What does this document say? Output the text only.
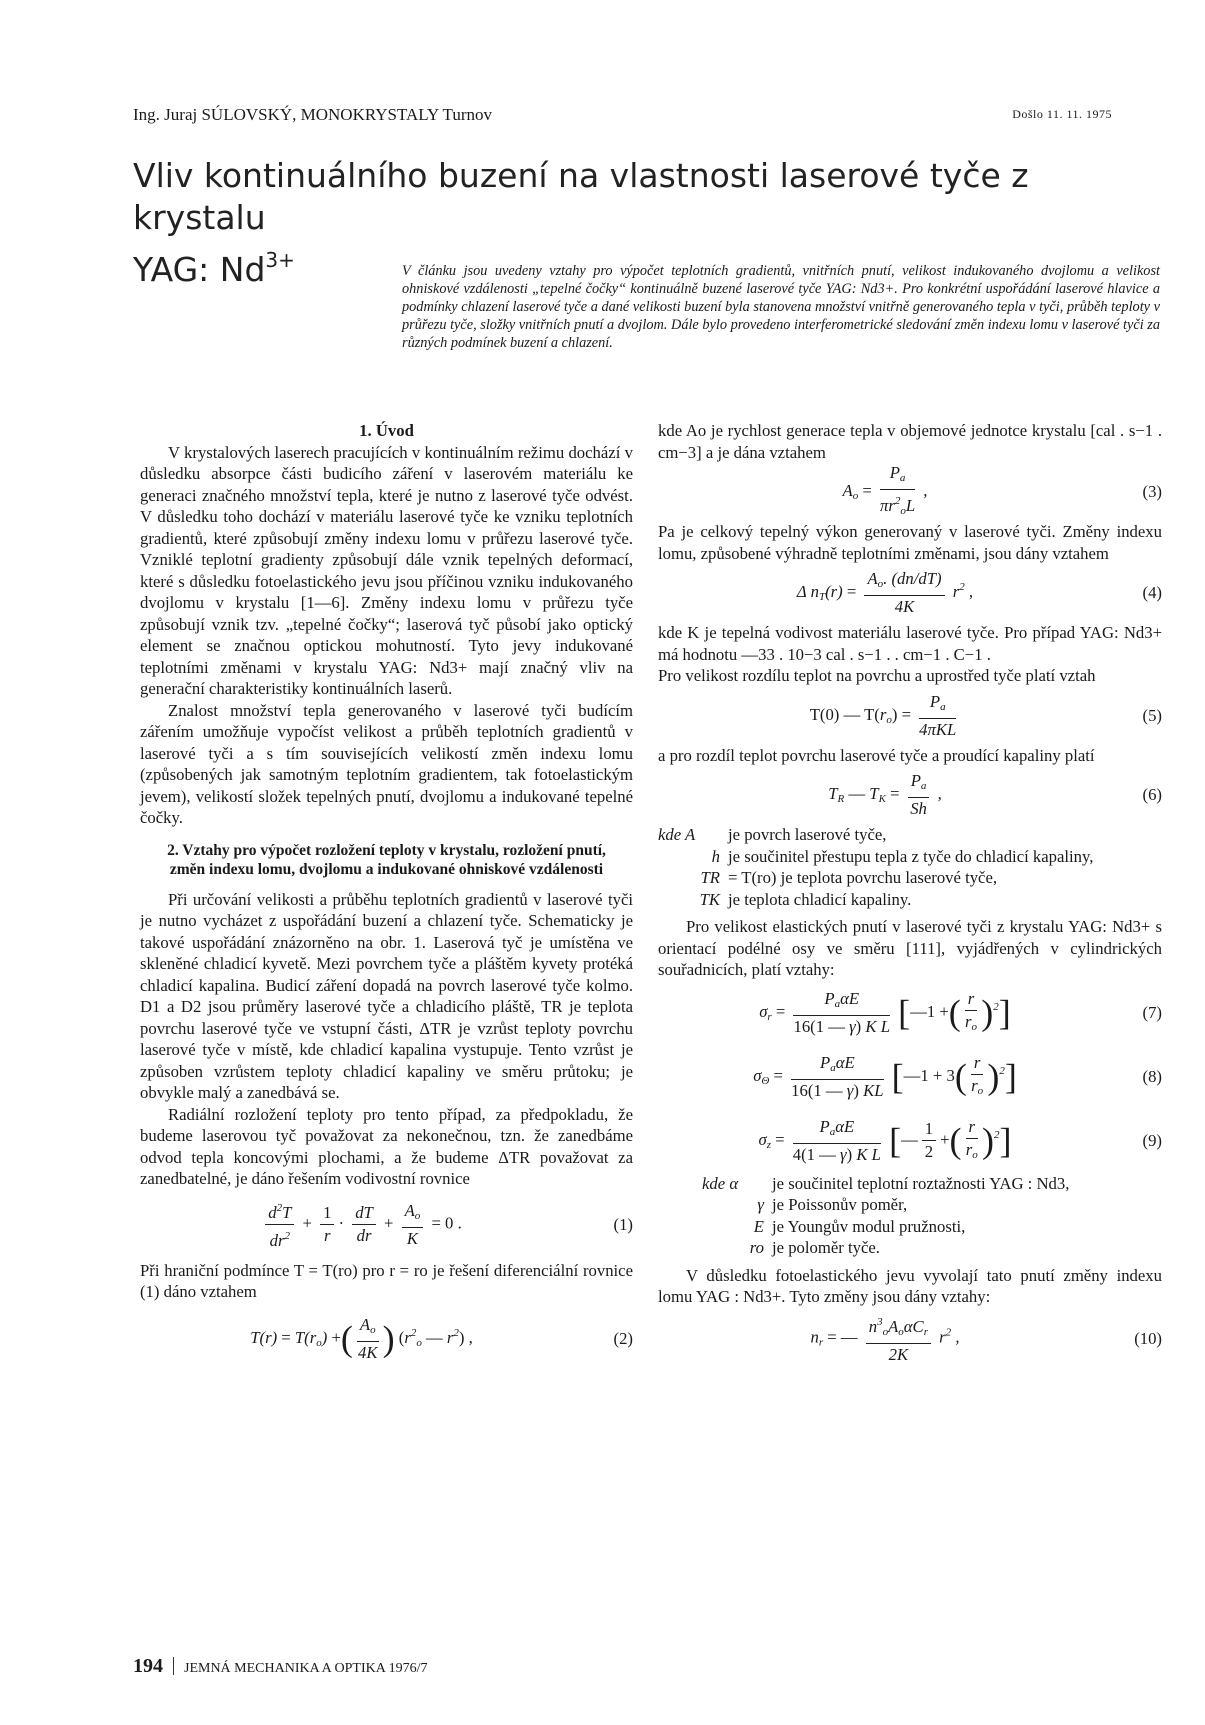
Ing. Juraj SÚLOVSKÝ, MONOKRYSTALY Turnov	Došlo 11. 11. 1975
Vliv kontinuálního buzení na vlastnosti laserové tyče z krystalu
YAG: $Nd^{3+}$	V článku jsou uvedeny vztahy pro výpočet teplotních gradientů, vnitřních pnutí, velikost indukovaného dvojlomu a velikost ohniskové vzdálenosti „tepelné čočky“ kontinuálně buzené laserové tyče YAG: Nd3+. Pro konkrétní uspořádání laserové hlavice a podmínky chlazení laserové tyče a dané velikosti buzení byla stanovena množství vnitřně generovaného tepla v tyči, průběh teploty v průřezu tyče, složky vnitřních pnutí a dvojlom. Dále bylo provedeno interferometrické sledování změn indexu lomu v laserové tyči za různých podmínek buzení a chlazení.

1. Úvod

V krystalových laserech pracujících v kontinuálním režimu dochází v důsledku absorpce části budicího záření v laserovém materiálu ke generaci značného množství tepla, které je nutno z laserové tyče odvést. V důsledku toho dochází v materiálu laserové tyče ke vzniku teplotních gradientů, které způsobují změny indexu lomu v průřezu laserové tyče. Vzniklé teplotní gradienty způsobují dále vznik tepelných deformací, které s důsledku fotoelastického jevu jsou příčinou vzniku indukovaného dvojlomu v krystalu [1—6]. Změny indexu lomu v průřezu tyče způsobují vznik tzv. „tepelné čočky“; laserová tyč působí jako optický element se značnou optickou mohutností. Tyto jevy indukované teplotními změnami v krystalu YAG: Nd3+ mají značný vliv na generační charakteristiky kontinuálních laserů.

Znalost množství tepla generovaného v laserové tyči budícím zářením umožňuje vypočíst velikost a průběh teplotních gradientů v laserové tyči a s tím souvisejících velikostí změn indexu lomu (způsobených jak samotným teplotním gradientem, tak fotoelastickým jevem), velikostí složek tepelných pnutí, dvojlomu a indukované tepelné čočky.

2. Vztahy pro výpočet rozložení teploty v krystalu, rozložení pnutí, změn indexu lomu, dvojlomu a indukované ohniskové vzdálenosti

Při určování velikosti a průběhu teplotních gradientů v laserové tyči je nutno vycházet z uspořádání buzení a chlazení tyče. Schematicky je takové uspořádání znázorněno na obr. 1. Laserová tyč je umístěna ve skleněné chladicí kyvetě. Mezi povrchem tyče a pláštěm kyvety protéká chladicí kapalina. Budicí záření dopadá na povrch laserové tyče kolmo. D1 a D2 jsou průměry laserové tyče a chladicího pláště, TR je teplota povrchu laserové tyče ve vstupní části, ΔTR je vzrůst teploty povrchu laserové tyče v místě, kde chladicí kapalina vystupuje. Tento vzrůst je způsoben vzrůstem teploty chladicí kapaliny ve směru průtoku; je obvykle malý a zanedbává se.

Radiální rozložení teploty pro tento případ, za předpokladu, že budeme laserovou tyč považovat za nekonečnou, tzn. že zanedbáme odvod tepla koncovými plochami, a že budeme ΔTR považovat za zanedbatelné, je dáno řešením vodivostní rovnice

$\frac{d^2T}{dr^2} + \frac{1}{r} \cdot \frac{dT}{dr} + \frac{A_o}{K} = 0$ .	(1)

Při hraniční podmínce T = T(ro) pro r = ro je řešení diferenciální rovnice (1) dáno vztahem

$T(r) = T(r_o)$ +( $\frac{A_o}{4K}$ ) ($r^2_o$ — $r^2$) ,	(2)

kde Ao je rychlost generace tepla v objemové jednotce krystalu [cal . s−1 . cm−3] a je dána vztahem

$A_o = \frac{P_a}{\pi r^2_oL}$ ,	(3)

Pa je celkový tepelný výkon generovaný v laserové tyči. Změny indexu lomu, způsobené výhradně teplotními změnami, jsou dány vztahem

Δ $n_T(r) = \frac{A_o. (dn/dT)}{4K} r^2$ ,	(4)

kde K je tepelná vodivost materiálu laserové tyče. Pro případ YAG: Nd3+ má hodnotu —33 . 10−3 cal . s−1 . . cm−1 . C−1 .

Pro velikost rozdílu teplot na povrchu a uprostřed tyče platí vztah

T(0) — $T(r_o) = \frac{P_a}{\text{4πKL}}$	(5)

a pro rozdíl teplot povrchu laserové tyče a proudící kapaliny platí

$T_R$ — $T_K = \frac{P_a}{Sh}$ ,	(6)
kde A	je povrch laserové tyče,
h je součinitel přestupu tepla z tyče do chladicí kapaliny,
TR = T(ro) je teplota povrchu laserové tyče,
TK je teplota chladicí kapaliny.

Pro velikost elastických pnutí v laserové tyči z krystalu YAG: Nd3+ s orientací podélné osy ve směru [111], vyjádřených v cylindrických souřadnicích, platí vztahy:

$\sigma_r = \frac{P_a\alpha E}{\text{16(1 — γ) K L}}$ [—1 +( $\frac{r}{r_o} )^2$]	(7)
$\sigma_\Theta = \frac{P_a\alpha E}{16(1 — \gamma) KL}$ [—1 + $3( \frac{r}{r_o} )^2$]	(8)
$\sigma_z = \frac{P_a\alpha E}{\text{4(1 — γ) K L}}$ [— $\frac{1}{2}$ +( $\frac{r}{r_o} )^2$]	(9)
kde α	je součinitel teplotní roztažnosti YAG : Nd3,
γ je Poissonův poměr,
E je Youngův modul pružnosti,
ro je poloměr tyče.

V důsledku fotoelastického jevu vyvolají tato pnutí změny indexu lomu YAG : Nd3+. Tyto změny jsou dány vztahy:

$n_r$ = — $\frac{n^3_oA_o\alpha C_r}{2K} r^2$ ,	(10)
194 JEMNÁ MECHANIKA A OPTIKA 1976/7
